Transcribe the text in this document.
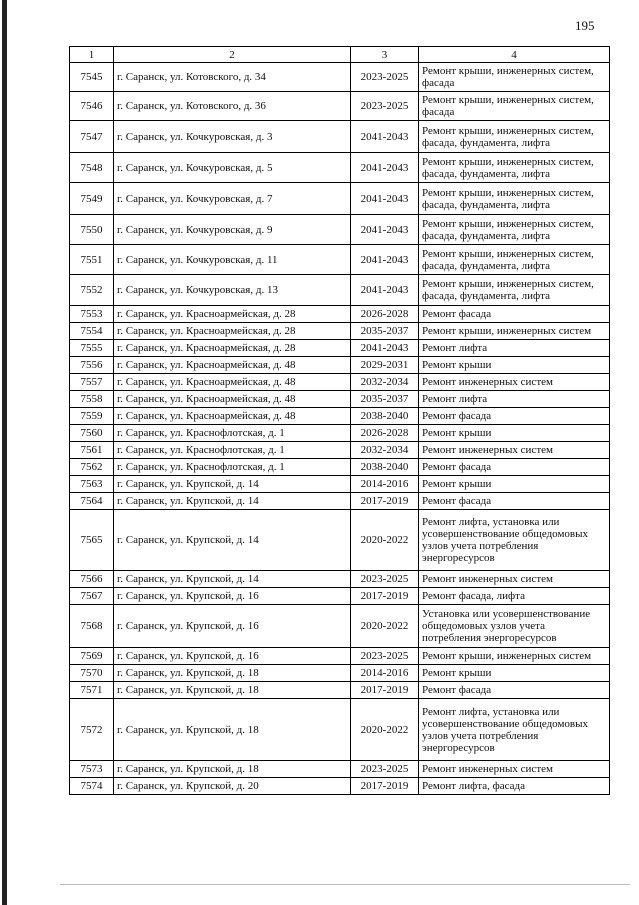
195
1	2	3	4
7545	г. Саранск, ул. Котовского, д. 34	2023-2025	Ремонт крыши, инженерных систем, фасада
7546	г. Саранск, ул. Котовского, д. 36	2023-2025	Ремонт крыши, инженерных систем, фасада
7547	г. Саранск, ул. Кочкуровская, д. 3	2041-2043	Ремонт крыши, инженерных систем, фасада, фундамента, лифта
7548	г. Саранск, ул. Кочкуровская, д. 5	2041-2043	Ремонт крыши, инженерных систем, фасада, фундамента, лифта
7549	г. Саранск, ул. Кочкуровская, д. 7	2041-2043	Ремонт крыши, инженерных систем, фасада, фундамента, лифта
7550	г. Саранск, ул. Кочкуровская, д. 9	2041-2043	Ремонт крыши, инженерных систем, фасада, фундамента, лифта
7551	г. Саранск, ул. Кочкуровская, д. 11	2041-2043	Ремонт крыши, инженерных систем, фасада, фундамента, лифта
7552	г. Саранск, ул. Кочкуровская, д. 13	2041-2043	Ремонт крыши, инженерных систем, фасада, фундамента, лифта
7553	г. Саранск, ул. Красноармейская, д. 28	2026-2028	Ремонт фасада
7554	г. Саранск, ул. Красноармейская, д. 28	2035-2037	Ремонт крыши, инженерных систем
7555	г. Саранск, ул. Красноармейская, д. 28	2041-2043	Ремонт лифта
7556	г. Саранск, ул. Красноармейская, д. 48	2029-2031	Ремонт крыши
7557	г. Саранск, ул. Красноармейская, д. 48	2032-2034	Ремонт инженерных систем
7558	г. Саранск, ул. Красноармейская, д. 48	2035-2037	Ремонт лифта
7559	г. Саранск, ул. Красноармейская, д. 48	2038-2040	Ремонт фасада
7560	г. Саранск, ул. Краснофлотская, д. 1	2026-2028	Ремонт крыши
7561	г. Саранск, ул. Краснофлотская, д. 1	2032-2034	Ремонт инженерных систем
7562	г. Саранск, ул. Краснофлотская, д. 1	2038-2040	Ремонт фасада
7563	г. Саранск, ул. Крупской, д. 14	2014-2016	Ремонт крыши
7564	г. Саранск, ул. Крупской, д. 14	2017-2019	Ремонт фасада
7565	г. Саранск, ул. Крупской, д. 14	2020-2022	Ремонт лифта, установка или усовершенствование общедомовых узлов учета потребления энергоресурсов
7566	г. Саранск, ул. Крупской, д. 14	2023-2025	Ремонт инженерных систем
7567	г. Саранск, ул. Крупской, д. 16	2017-2019	Ремонт фасада, лифта
7568	г. Саранск, ул. Крупской, д. 16	2020-2022	Установка или усовершенствование общедомовых узлов учета потребления энергоресурсов
7569	г. Саранск, ул. Крупской, д. 16	2023-2025	Ремонт крыши, инженерных систем
7570	г. Саранск, ул. Крупской, д. 18	2014-2016	Ремонт крыши
7571	г. Саранск, ул. Крупской, д. 18	2017-2019	Ремонт фасада
7572	г. Саранск, ул. Крупской, д. 18	2020-2022	Ремонт лифта, установка или усовершенствование общедомовых узлов учета потребления энергоресурсов
7573	г. Саранск, ул. Крупской, д. 18	2023-2025	Ремонт инженерных систем
7574	г. Саранск, ул. Крупской, д. 20	2017-2019	Ремонт лифта, фасада
